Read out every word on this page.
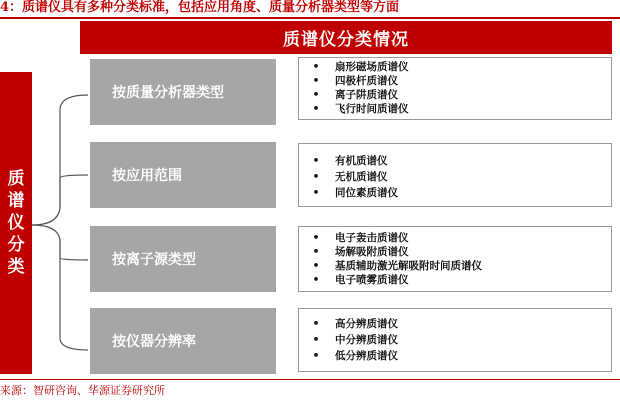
4：质谱仪具有多种分类标准，包括应用角度、质量分析器类型等方面
质谱仪分类情况
质谱仪分类
按质量分析器类型
按应用范围
按离子源类型
按仪器分辨率
• 扇形磁场质谱仪
• 四极杆质谱仪
• 离子阱质谱仪
• 飞行时间质谱仪
• 有机质谱仪
• 无机质谱仪
• 同位素质谱仪
• 电子轰击质谱仪
• 场解吸附质谱仪
• 基质辅助激光解吸附时间质谱仪
• 电子喷雾质谱仪
• 高分辨质谱仪
• 中分辨质谱仪
• 低分辨质谱仪
来源：智研咨询、华源证券研究所
